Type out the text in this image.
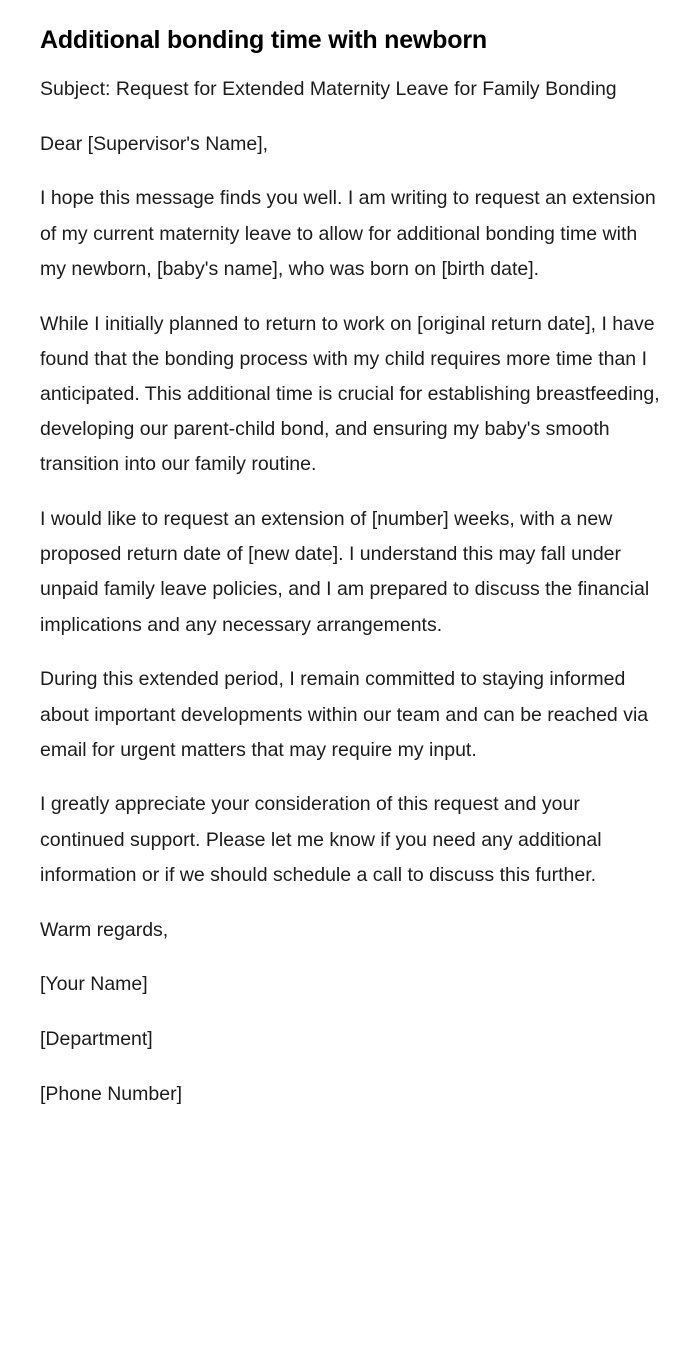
Additional bonding time with newborn

Subject: Request for Extended Maternity Leave for Family Bonding

Dear [Supervisor's Name],

I hope this message finds you well. I am writing to request an extension of my current maternity leave to allow for additional bonding time with my newborn, [baby's name], who was born on [birth date].

While I initially planned to return to work on [original return date], I have found that the bonding process with my child requires more time than I anticipated. This additional time is crucial for establishing breastfeeding, developing our parent-child bond, and ensuring my baby's smooth transition into our family routine.

I would like to request an extension of [number] weeks, with a new proposed return date of [new date]. I understand this may fall under unpaid family leave policies, and I am prepared to discuss the financial implications and any necessary arrangements.

During this extended period, I remain committed to staying informed about important developments within our team and can be reached via email for urgent matters that may require my input.

I greatly appreciate your consideration of this request and your continued support. Please let me know if you need any additional information or if we should schedule a call to discuss this further.

Warm regards,

[Your Name]

[Department]

[Phone Number]
